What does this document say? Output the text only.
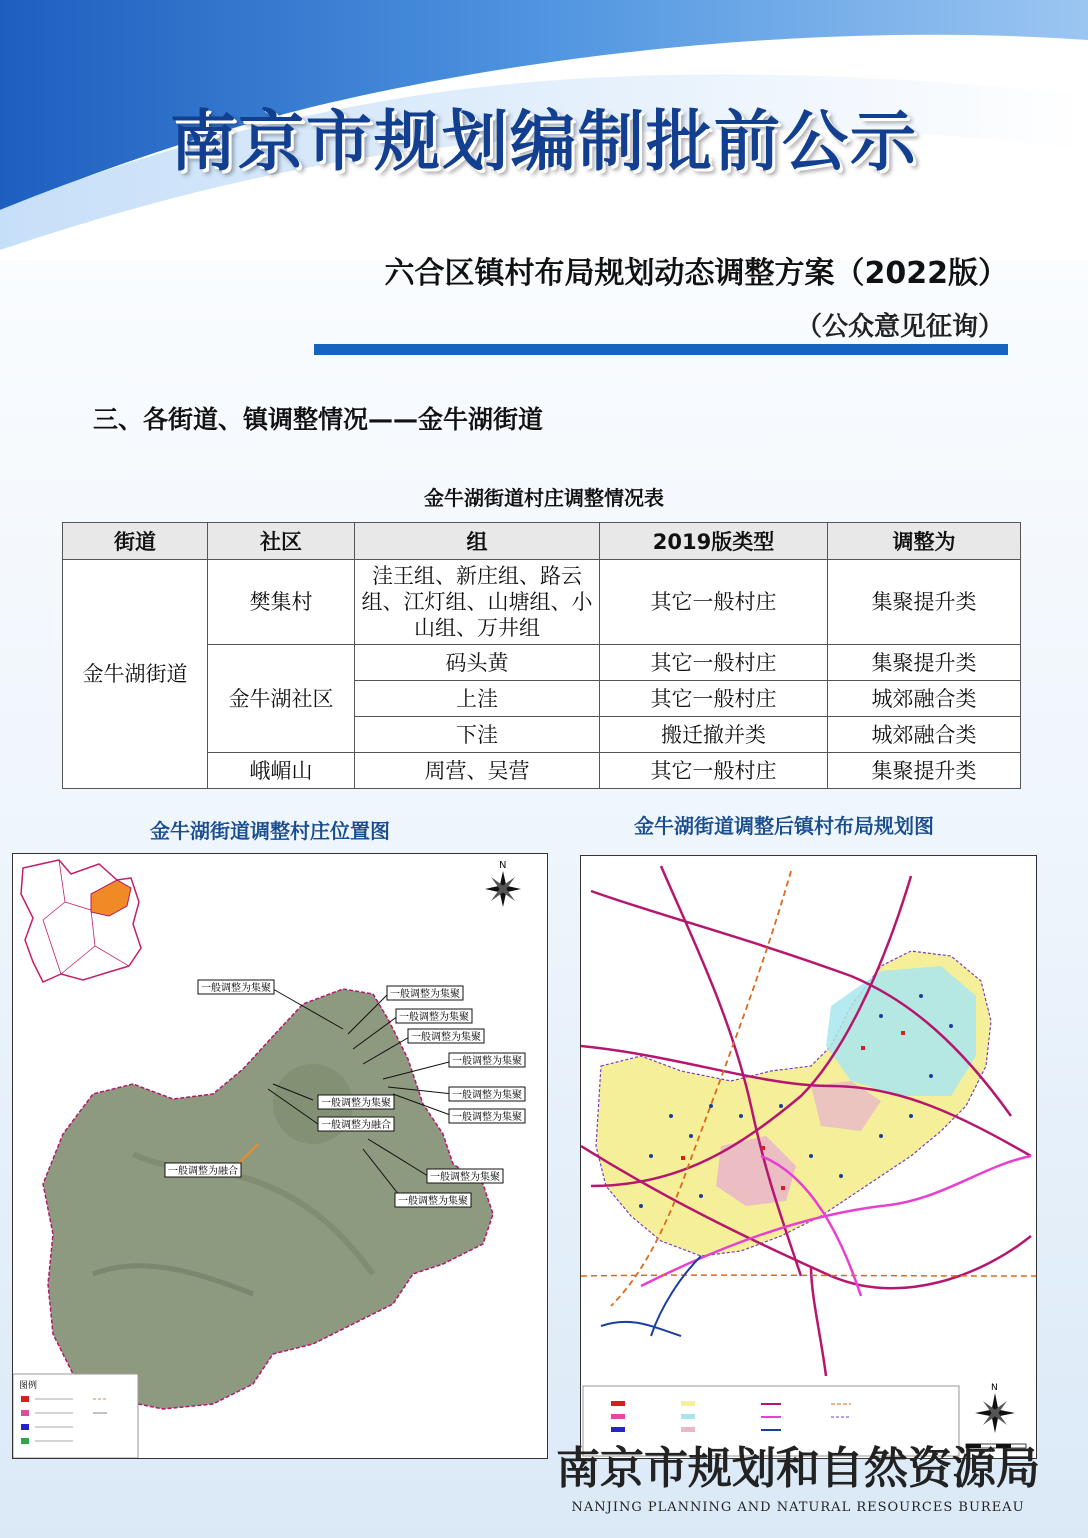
南京市规划编制批前公示
六合区镇村布局规划动态调整方案（2022版）
（公众意见征询）
三、各街道、镇调整情况——金牛湖街道
金牛湖街道村庄调整情况表
街道	社区	组	2019版类型	调整为
金牛湖街道	樊集村	洼王组、新庄组、路云组、江灯组、山塘组、小山组、万井组	其它一般村庄	集聚提升类
	金牛湖社区	码头黄	其它一般村庄	集聚提升类
		上洼	其它一般村庄	城郊融合类
		下洼	搬迁撤并类	城郊融合类
	峨嵋山	周营、吴营	其它一般村庄	集聚提升类
金牛湖街道调整村庄位置图	金牛湖街道调整后镇村布局规划图
N
一般调整为集聚
一般调整为集聚
一般调整为集聚
一般调整为集聚
一般调整为集聚
一般调整为集聚
一般调整为集聚
一般调整为集聚
一般调整为融合
一般调整为融合
一般调整为集聚
一般调整为集聚
图例	N
南京市规划和自然资源局
NANJING PLANNING AND NATURAL RESOURCES BUREAU
